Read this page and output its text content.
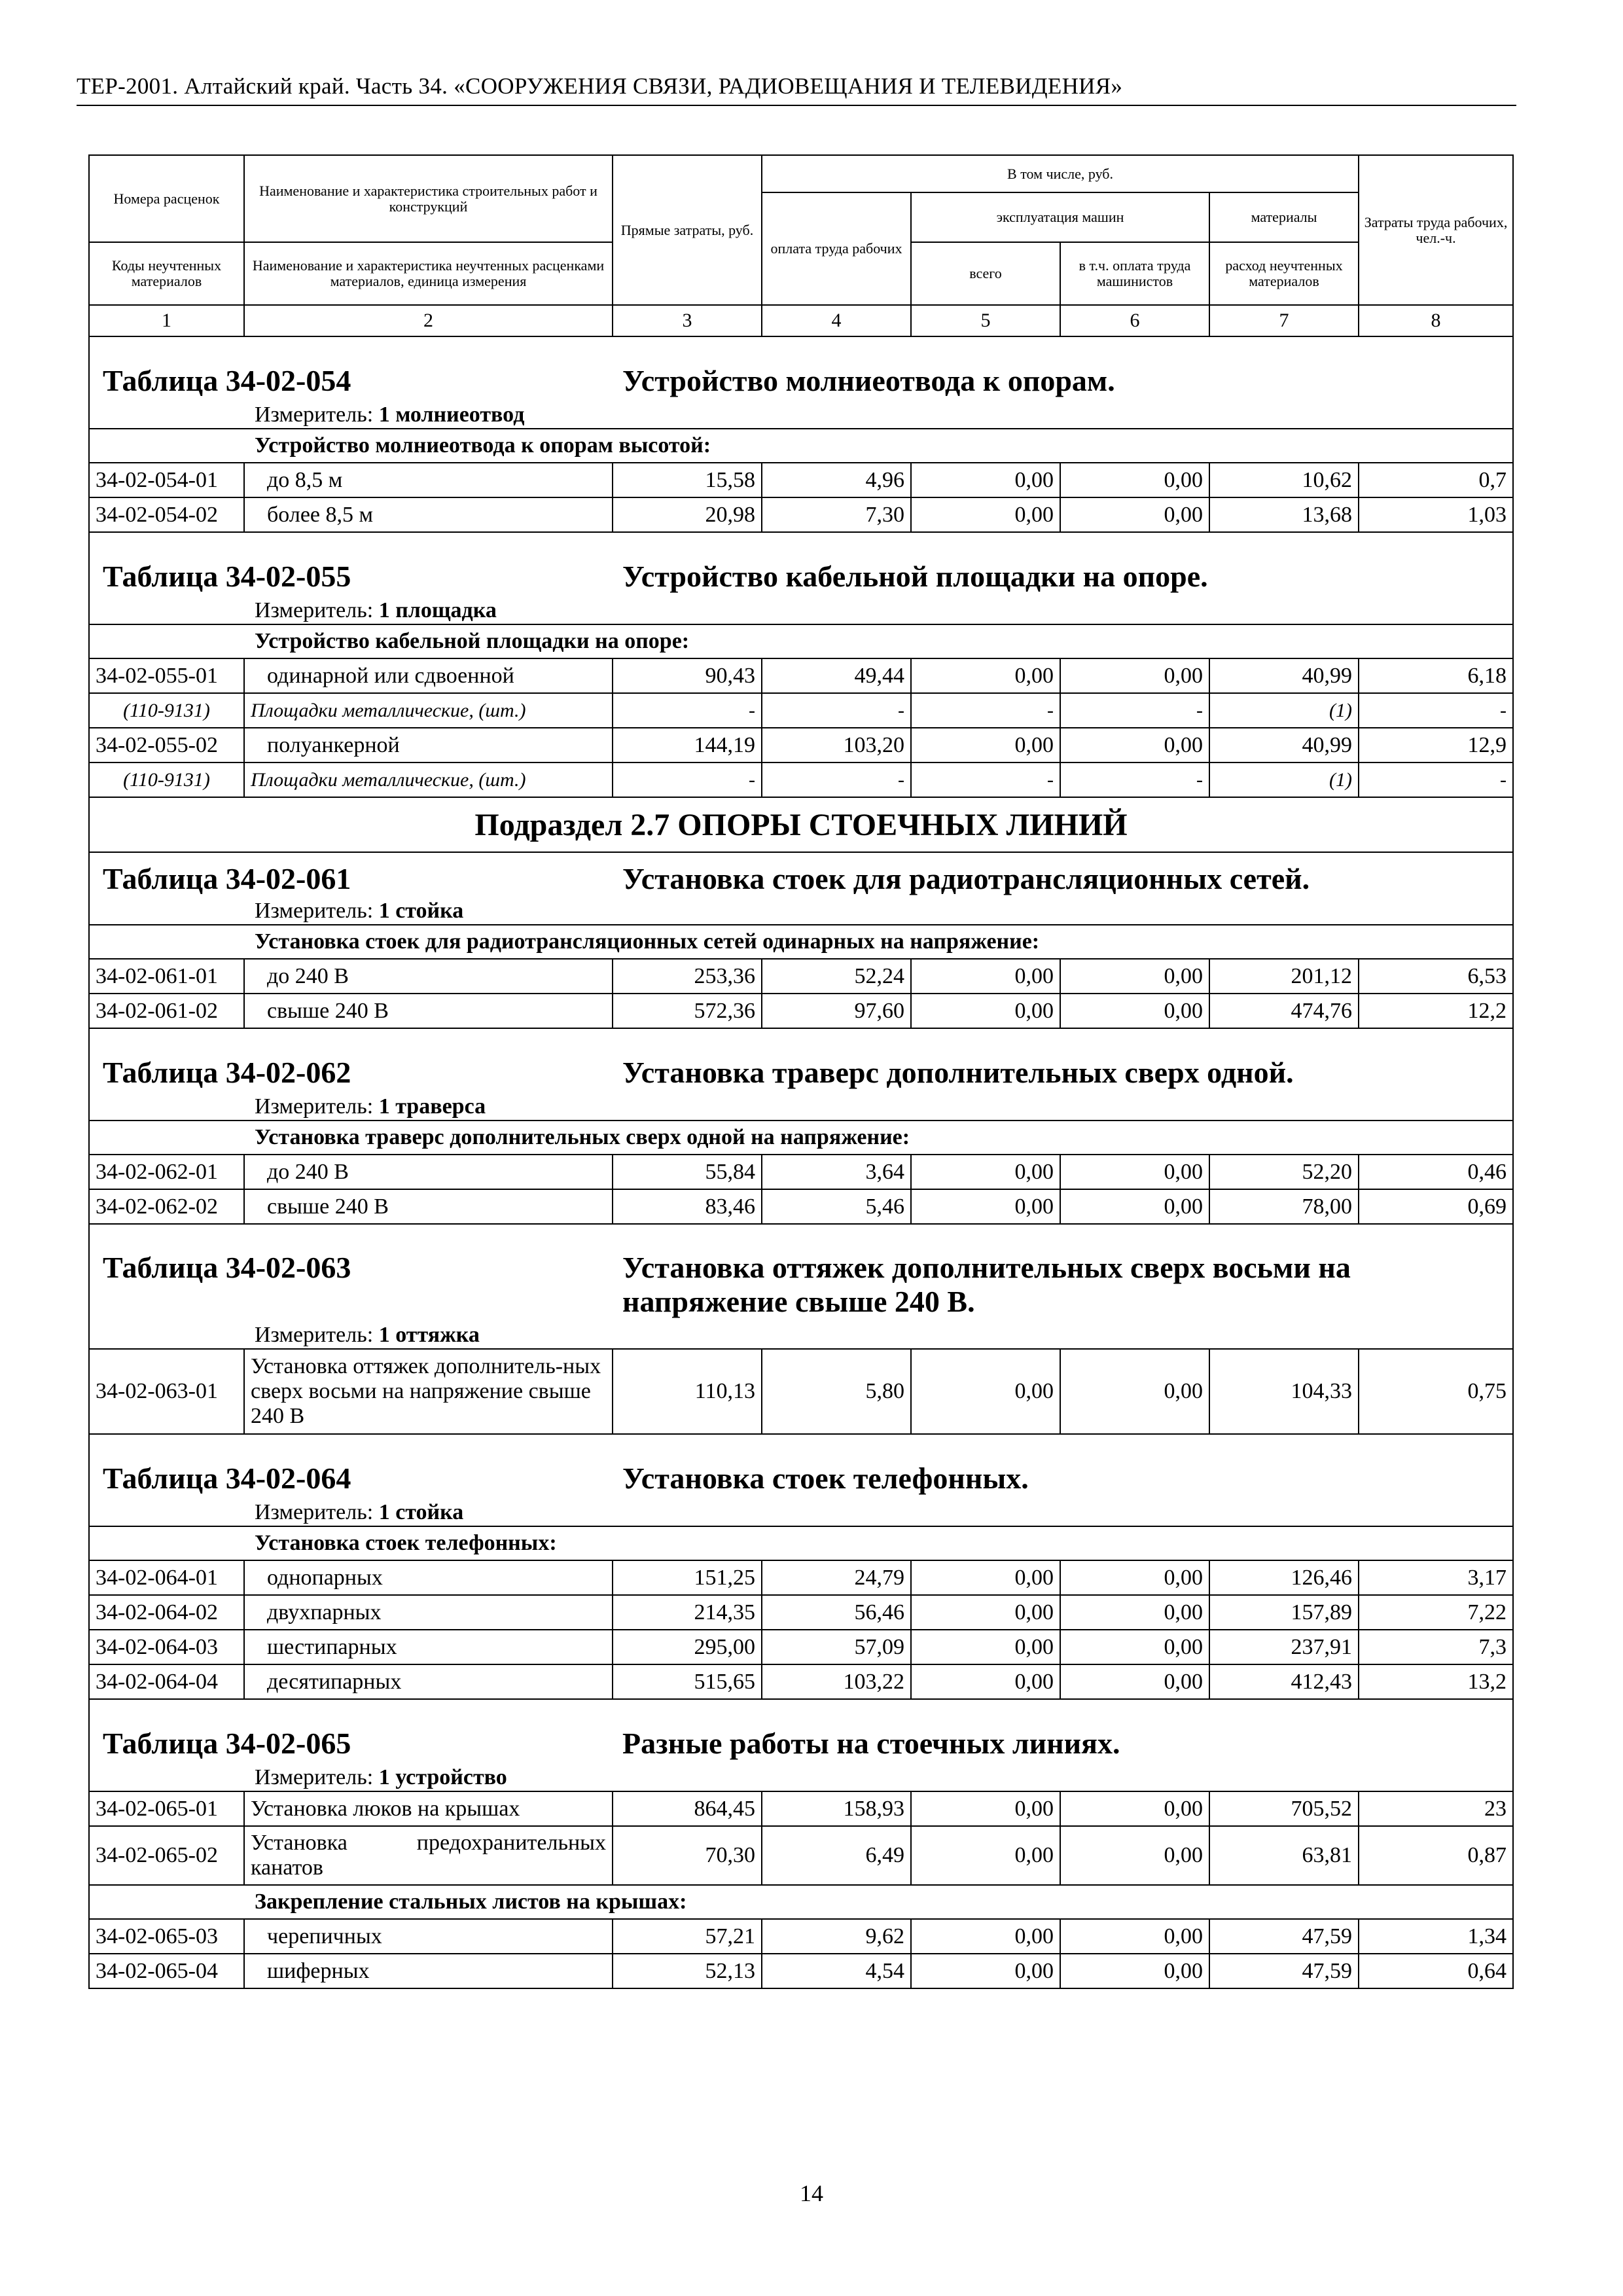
ТЕР-2001. Алтайский край. Часть 34. «СООРУЖЕНИЯ СВЯЗИ, РАДИОВЕЩАНИЯ И ТЕЛЕВИДЕНИЯ»
Номера расценок	Наименование и характеристика строительных работ и конструкций	Прямые затраты, руб.	В том числе, руб.				Затраты труда рабочих, чел.-ч.
			оплата труда рабочих	эксплуатация машин		материалы	
Коды неучтенных материалов	Наименование и характеристика неучтенных расценками материалов, единица измерения			всего	в т.ч. оплата труда машинистов	расход неучтенных материалов	
1	2	3	4	5	6	7	8

Таблица 34-02-054 Устройство молниеотвода к опорам.							

Измеритель: 1 молниеотвод							
Устройство молниеотвода к опорам высотой:							
34-02-054-01	до 8,5 м	15,58	4,96	0,00	0,00	10,62	0,7
34-02-054-02	более 8,5 м	20,98	7,30	0,00	0,00	13,68	1,03

Таблица 34-02-055 Устройство кабельной площадки на опоре.							

Измеритель: 1 площадка							
Устройство кабельной площадки на опоре:							
34-02-055-01	одинарной или сдвоенной	90,43	49,44	0,00	0,00	40,99	6,18
(110-9131)	Площадки металлические, (шт.)	-	-	-	-	(1)	-
34-02-055-02	полуанкерной	144,19	103,20	0,00	0,00	40,99	12,9
(110-9131)	Площадки металлические, (шт.)	-	-	-	-	(1)	-
Подраздел 2.7 ОПОРЫ СТОЕЧНЫХ ЛИНИЙ							

Таблица 34-02-061 Установка стоек для радиотрансляционных сетей.							

Измеритель: 1 стойка							
Установка стоек для радиотрансляционных сетей одинарных на напряжение:							
34-02-061-01	до 240 В	253,36	52,24	0,00	0,00	201,12	6,53
34-02-061-02	свыше 240 В	572,36	97,60	0,00	0,00	474,76	12,2

Таблица 34-02-062 Установка траверс дополнительных сверх одной.							

Измеритель: 1 траверса							
Установка траверс дополнительных сверх одной на напряжение:							
34-02-062-01	до 240 В	55,84	3,64	0,00	0,00	52,20	0,46
34-02-062-02	свыше 240 В	83,46	5,46	0,00	0,00	78,00	0,69

Таблица 34-02-063 Установка оттяжек дополнительных сверх восьми на напряжение свыше 240 В.							

Измеритель: 1 оттяжка							
34-02-063-01	Установка оттяжек дополнитель-ных сверх восьми на напряжение свыше 240 В	110,13	5,80	0,00	0,00	104,33	0,75

Таблица 34-02-064 Установка стоек телефонных.							

Измеритель: 1 стойка							
Установка стоек телефонных:							
34-02-064-01	однопарных	151,25	24,79	0,00	0,00	126,46	3,17
34-02-064-02	двухпарных	214,35	56,46	0,00	0,00	157,89	7,22
34-02-064-03	шестипарных	295,00	57,09	0,00	0,00	237,91	7,3
34-02-064-04	десятипарных	515,65	103,22	0,00	0,00	412,43	13,2

Таблица 34-02-065 Разные работы на стоечных линиях.							

Измеритель: 1 устройство							
34-02-065-01	Установка люков на крышах	864,45	158,93	0,00	0,00	705,52	23
34-02-065-02	Установка предохранительных канатов	70,30	6,49	0,00	0,00	63,81	0,87
Закрепление стальных листов на крышах:							
34-02-065-03	черепичных	57,21	9,62	0,00	0,00	47,59	1,34
34-02-065-04	шиферных	52,13	4,54	0,00	0,00	47,59	0,64
14
